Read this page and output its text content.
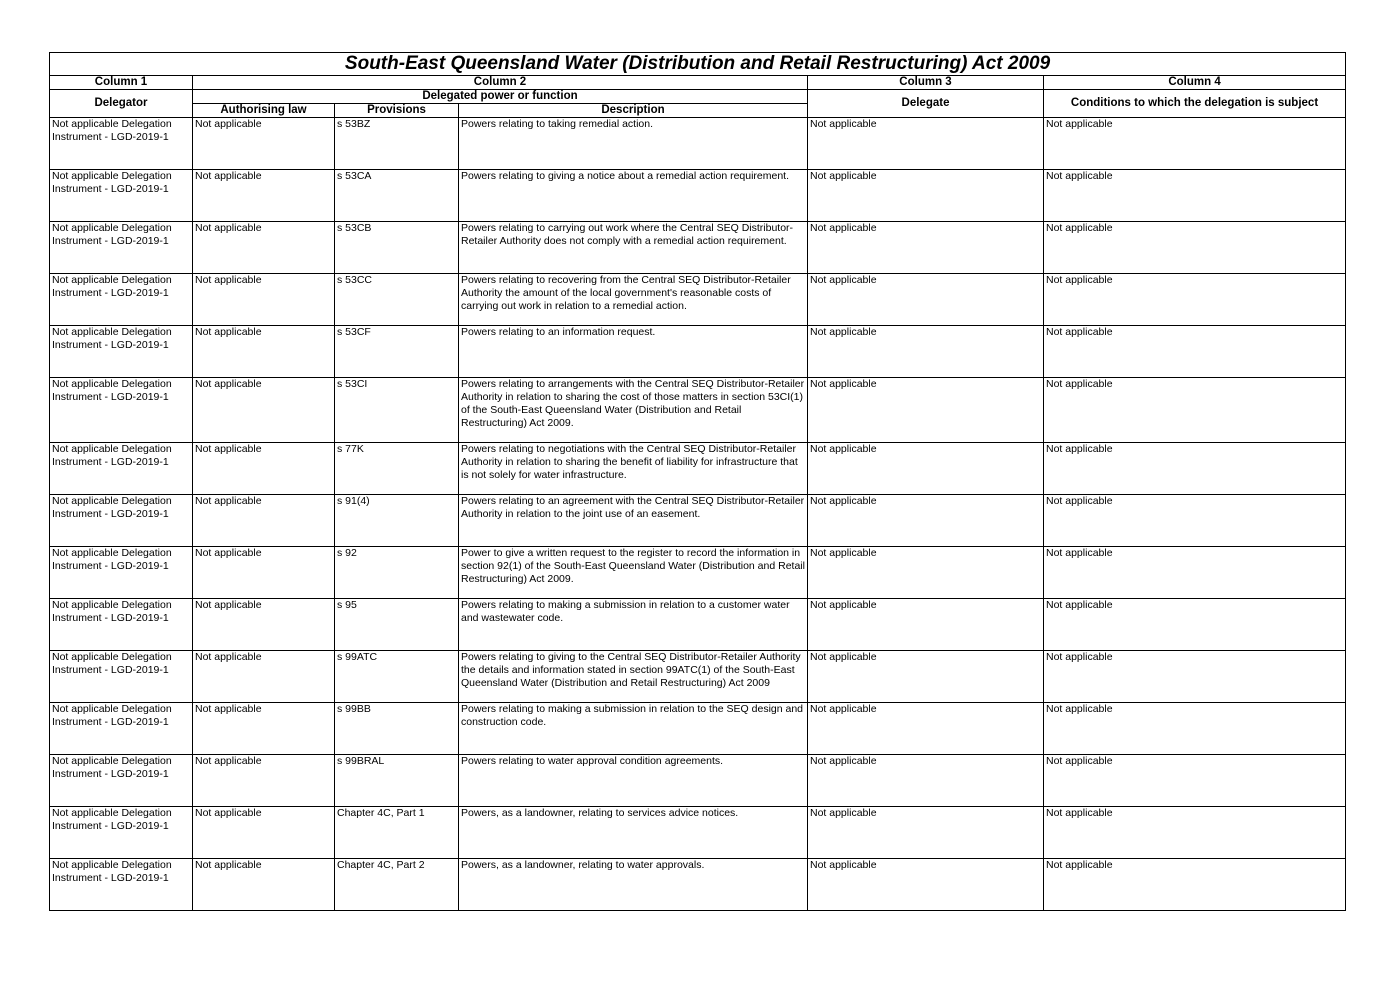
South-East Queensland Water (Distribution and Retail Restructuring) Act 2009					
Column 1	Column 2			Column 3	Column 4
Delegator	Delegated power or function			Delegate	Conditions to which the delegation is subject
	Authorising law	Provisions	Description		
Not applicable Delegation Instrument - LGD-2019-1	Not applicable	s 53BZ	Powers relating to taking remedial action.	Not applicable	Not applicable
Not applicable Delegation Instrument - LGD-2019-1	Not applicable	s 53CA	Powers relating to giving a notice about a remedial action requirement.	Not applicable	Not applicable
Not applicable Delegation Instrument - LGD-2019-1	Not applicable	s 53CB	Powers relating to carrying out work where the Central SEQ Distributor-Retailer Authority does not comply with a remedial action requirement.	Not applicable	Not applicable
Not applicable Delegation Instrument - LGD-2019-1	Not applicable	s 53CC	Powers relating to recovering from the Central SEQ Distributor-Retailer Authority the amount of the local government's reasonable costs of carrying out work in relation to a remedial action.	Not applicable	Not applicable
Not applicable Delegation Instrument - LGD-2019-1	Not applicable	s 53CF	Powers relating to an information request.	Not applicable	Not applicable
Not applicable Delegation Instrument - LGD-2019-1	Not applicable	s 53CI	Powers relating to arrangements with the Central SEQ Distributor-Retailer Authority in relation to sharing the cost of those matters in section 53CI(1) of the South-East Queensland Water (Distribution and Retail Restructuring) Act 2009.	Not applicable	Not applicable
Not applicable Delegation Instrument - LGD-2019-1	Not applicable	s 77K	Powers relating to negotiations with the Central SEQ Distributor-Retailer Authority in relation to sharing the benefit of liability for infrastructure that is not solely for water infrastructure.	Not applicable	Not applicable
Not applicable Delegation Instrument - LGD-2019-1	Not applicable	s 91(4)	Powers relating to an agreement with the Central SEQ Distributor-Retailer Authority in relation to the joint use of an easement.	Not applicable	Not applicable
Not applicable Delegation Instrument - LGD-2019-1	Not applicable	s 92	Power to give a written request to the register to record the information in section 92(1) of the South-East Queensland Water (Distribution and Retail Restructuring) Act 2009.	Not applicable	Not applicable
Not applicable Delegation Instrument - LGD-2019-1	Not applicable	s 95	Powers relating to making a submission in relation to a customer water and wastewater code.	Not applicable	Not applicable
Not applicable Delegation Instrument - LGD-2019-1	Not applicable	s 99ATC	Powers relating to giving to the Central SEQ Distributor-Retailer Authority the details and information stated in section 99ATC(1) of the South-East Queensland Water (Distribution and Retail Restructuring) Act 2009	Not applicable	Not applicable
Not applicable Delegation Instrument - LGD-2019-1	Not applicable	s 99BB	Powers relating to making a submission in relation to the SEQ design and construction code.	Not applicable	Not applicable
Not applicable Delegation Instrument - LGD-2019-1	Not applicable	s 99BRAL	Powers relating to water approval condition agreements.	Not applicable	Not applicable
Not applicable Delegation Instrument - LGD-2019-1	Not applicable	Chapter 4C, Part 1	Powers, as a landowner, relating to services advice notices.	Not applicable	Not applicable
Not applicable Delegation Instrument - LGD-2019-1	Not applicable	Chapter 4C, Part 2	Powers, as a landowner, relating to water approvals.	Not applicable	Not applicable
